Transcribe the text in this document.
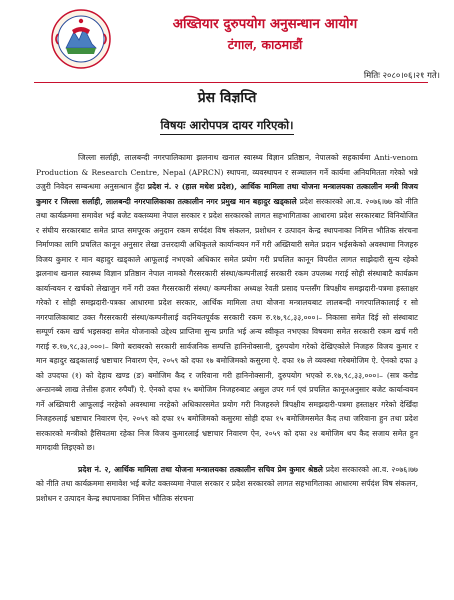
अख्तियार दुरुपयोग अनुसन्धान आयोग
टंगाल, काठमाडौं
मितिः २०८०।०६।२१ गते।
प्रेस विज्ञप्ति
विषयः आरोपपत्र दायर गरिएको।

जिल्ला सर्लाही, लालबन्दी नगरपालिकामा झलनाथ खनाल स्वास्थ्य विज्ञान प्रतिष्ठान, नेपालको सहकार्यमा Anti-venom Production & Research Centre, Nepal (APRCN) स्थापना, व्यवस्थापन र सञ्चालन गर्ने कार्यमा अनियमितता गरेको भन्ने उजुरी निवेदन सम्बन्धमा अनुसन्धान हुँदा प्रदेश नं. २ (हाल मधेश प्रदेश), आर्थिक मामिला तथा योजना मन्त्रालयका तत्कालीन मन्त्री विजय कुमार र जिल्ला सर्लाही, लालबन्दी नगरपालिकाका तत्कालीन नगर प्रमुख मान बहादुर खड्काले प्रदेश सरकारको आ.व. २०७६।७७ को नीति तथा कार्यक्रममा समावेश भई बजेट वक्तव्यमा नेपाल सरकार र प्रदेश सरकारको लागत सहभागिताका आधारमा प्रदेश सरकारबाट विनियोजित र संघीय सरकारबाट समेत प्राप्त समपूरक अनुदान रकम सर्पदंश विष संकलन, प्रशोधन र उत्पादन केन्द्र स्थापनाका निमित्त भौतिक संरचना निर्माणका लागि प्रचलित कानून अनुसार लेखा उत्तरदायी अधिकृतले कार्यान्वयन गर्ने गरी अख्तियारी समेत प्रदान भईसकेको अवस्थामा निजहरु विजय कुमार र मान बहादुर खड्काले आफूलाई नभएको अधिकार समेत प्रयोग गरी प्रचलित कानून विपरीत लागत साझेदारी सुन्य रहेको झलनाथ खनाल स्वास्थ्य विज्ञान प्रतिष्ठान नेपाल नामको गैरसरकारी संस्था/कम्पनीलाई सरकारी रकम उपलब्ध गराई सोही संस्थाबाटै कार्यक्रम कार्यान्वयन र खर्चको लेखाजुन गर्ने गरी उक्त गैरसरकारी संस्था/ कम्पनीका अध्यक्ष रेवती प्रसाद पन्तसँग त्रिपक्षीय समझदारी-पत्रमा हस्ताक्षर गरेको र सोही समझदारी-पत्रका आधारमा प्रदेश सरकार, आर्थिक मामिला तथा योजना मन्त्रालयबाट लालबन्दी नगरपालिकालाई र सो नगरपालिकाबाट उक्त गैरसरकारी संस्था/कम्पनीलाई वदनियतपूर्वक सरकारी रकम रु.१७,९८,३३,०००।– निकासा समेत दिई सो संस्थाबाट सम्पूर्ण रकम खर्च भइसक्दा समेत योजनाको उद्देश्य प्राप्तिमा सुन्य प्रगति भई अन्य स्वीकृत नभएका विषयमा समेत सरकारी रकम खर्च गरी गराई रु.१७,९८,३३,०००।– बिगो बराबरको सरकारी सार्वजनिक सम्पत्ति हानिनोक्सानी, दुरुपयोग गरेको देखिएकोले निजहरु विजय कुमार र मान बहादुर खड्कालाई भ्रष्टाचार निवारण ऐन, २०५९ को दफा १७ बमोजिमको कसुरमा ऐ. दफा १७ ले व्यवस्था गरेबमोजिम ऐ. ऐनको दफा ३ को उपदफा (१) को देहाय खण्ड (ङ) बमोजिम कैद र जरिवाना गरी हानिनोक्सानी, दुरुपयोग भएको रु.१७,९८,३३,०००।– (सत्र करोड अन्ठानब्बे लाख तेत्तीस हजार रुपैयाँ) ऐ. ऐनको दफा १५ बमोजिम निजहरुबाट असुल उपर गर्न एवं प्रचलित कानूनअनुसार बजेट कार्यान्वयन गर्ने अख्तियारी आफूलाई नरहेको अवस्थामा नरहेको अधिकारसमेत प्रयोग गरी निजहरुले त्रिपक्षीय समझदारी-पत्रमा हस्ताक्षर गरेको देखिँदा निजहरुलाई भ्रष्टाचार निवारण ऐन, २०५९ को दफा १५ बमोजिमको कसुरमा सोही दफा १५ बमोजिमसमेत कैद तथा जरिवाना हुन तथा प्रदेश सरकारको मन्त्रीको हैसियतमा रहेका निज विजय कुमारलाई भ्रष्टाचार निवारण ऐन, २०५९ को दफा २४ बमोजिम थप कैद सजाय समेत हुन मागदावी लिइएको छ।

प्रदेश नं. २, आर्थिक मामिला तथा योजना मन्त्रालयका तत्कालीन सचिव प्रेम कुमार श्रेष्ठले प्रदेश सरकारको आ.व. २०७६।७७ को नीति तथा कार्यक्रममा समावेश भई बजेट वक्तव्यमा नेपाल सरकार र प्रदेश सरकारको लागत सहभागिताका आधारमा सर्पदंश विष संकलन, प्रशोधन र उत्पादन केन्द्र स्थापनाका निमित्त भौतिक संरचना
